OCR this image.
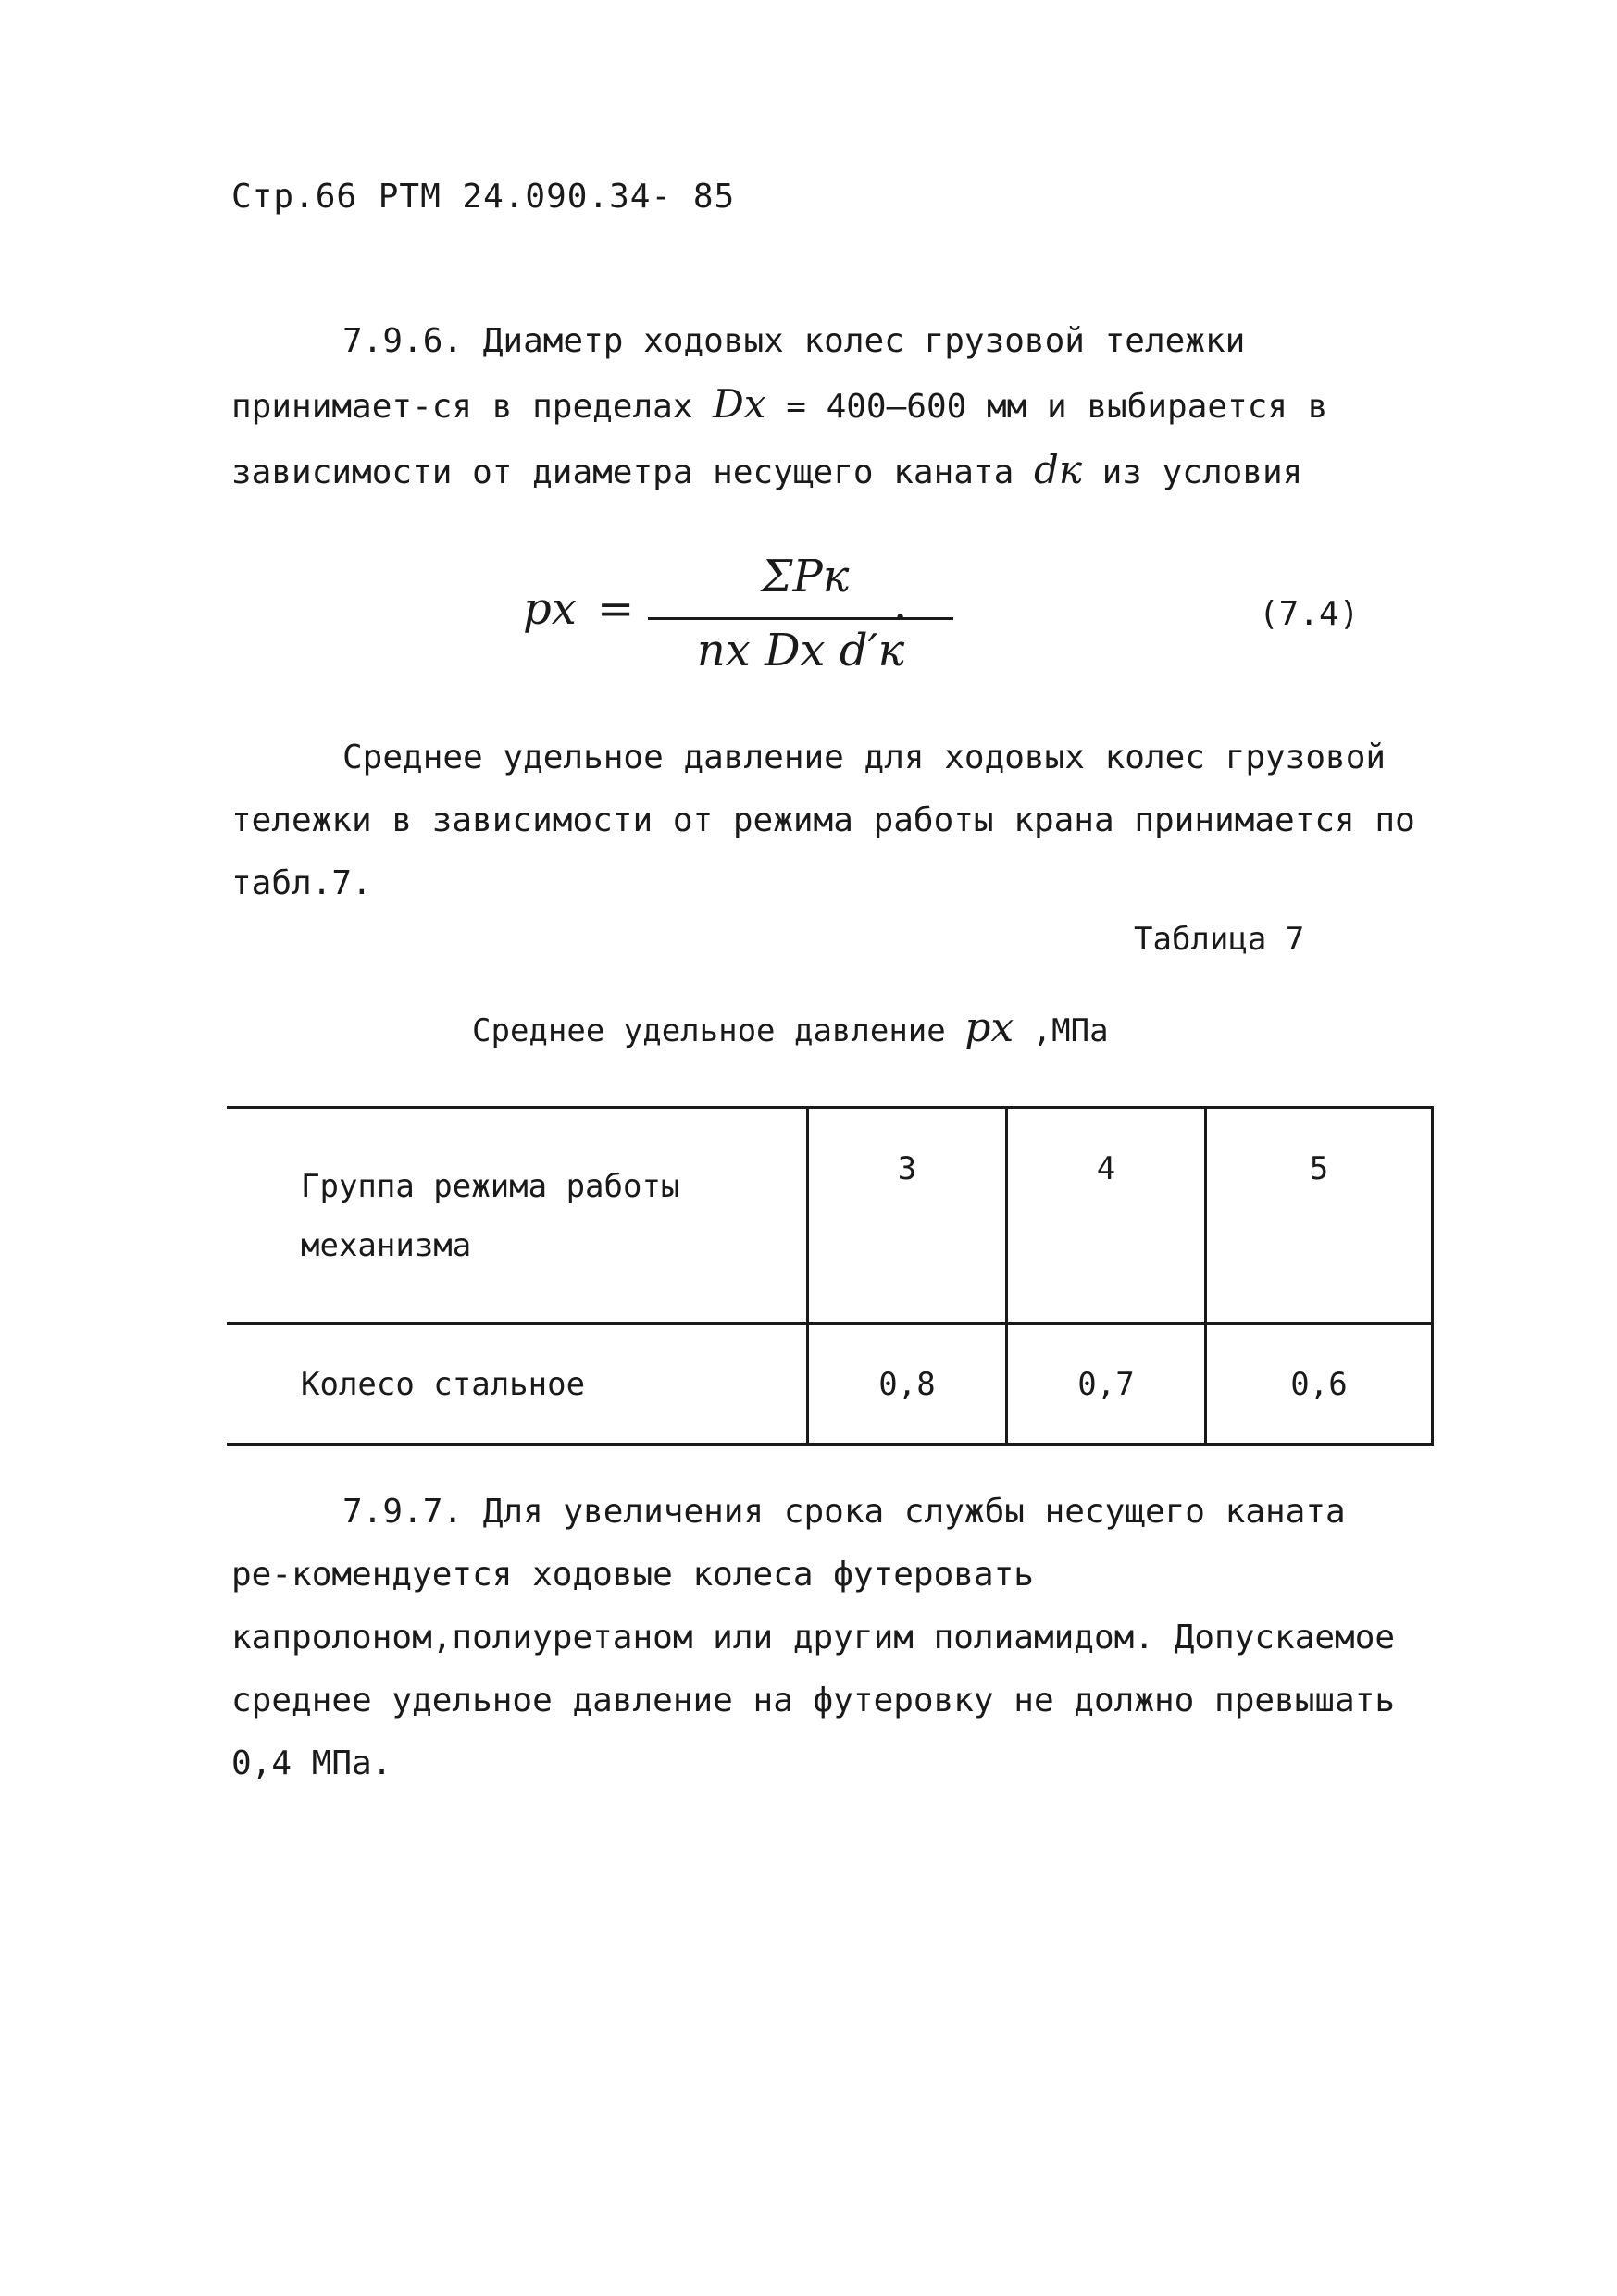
Стр.66 РТМ 24.090.34- 85
7.9.6. Диаметр ходовых колес грузовой тележки принимает-ся в пределах Dх = 400–600 мм и выбирается в зависимости от диаметра несущего каната dк из условия
pх =
ΣPк
nх Dх d′к
.	(7.4)
Среднее удельное давление для ходовых колес грузовой тележки в зависимости от режима работы крана принимается по табл.7.
Таблица 7
Среднее удельное давление pх ,МПа
Группа режима работы механизма	3	4	5
Колесо стальное	0,8	0,7	0,6
7.9.7. Для увеличения срока службы несущего каната ре-комендуется ходовые колеса футеровать капролоном,полиуретаном или другим полиамидом. Допускаемое среднее удельное давление на футеровку не должно превышать 0,4 МПа.
